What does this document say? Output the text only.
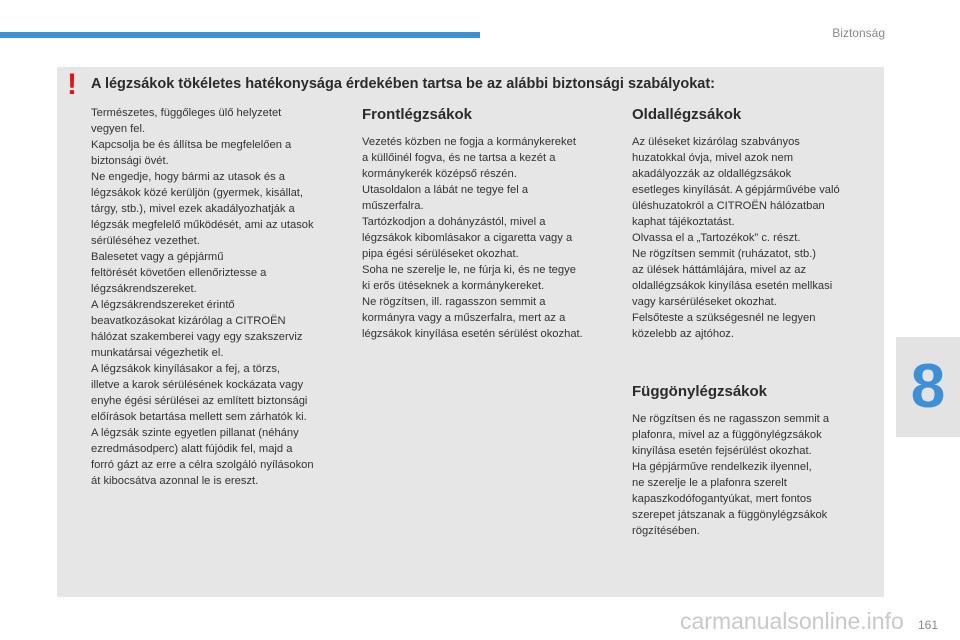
Biztonság
8
! A légzsákok tökéletes hatékonysága érdekében tartsa be az alábbi biztonsági szabályokat:

Természetes, függőleges ülő helyzetet

vegyen fel.

Kapcsolja be és állítsa be megfelelően a

biztonsági övét.

Ne engedje, hogy bármi az utasok és a

légzsákok közé kerüljön (gyermek, kisállat,

tárgy, stb.), mivel ezek akadályozhatják a

légzsák megfelelő működését, ami az utasok

sérüléséhez vezethet.

Balesetet vagy a gépjármű

feltörését követően ellenőriztesse a

légzsákrendszereket.

A légzsákrendszereket érintő

beavatkozásokat kizárólag a CITROËN

hálózat szakemberei vagy egy szakszerviz

munkatársai végezhetik el.

A légzsákok kinyílásakor a fej, a törzs,

illetve a karok sérülésének kockázata vagy

enyhe égési sérülései az említett biztonsági

előírások betartása mellett sem zárhatók ki.

A légzsák szinte egyetlen pillanat (néhány

ezredmásodperc) alatt fújódik fel, majd a

forró gázt az erre a célra szolgáló nyílásokon

át kibocsátva azonnal le is ereszt.

Frontlégzsákok

Vezetés közben ne fogja a kormánykereket

a küllőinél fogva, és ne tartsa a kezét a

kormánykerék középső részén.

Utasoldalon a lábát ne tegye fel a

műszerfalra.

Tartózkodjon a dohányzástól, mivel a

légzsákok kibomlásakor a cigaretta vagy a

pipa égési sérüléseket okozhat.

Soha ne szerelje le, ne fúrja ki, és ne tegye

ki erős ütéseknek a kormánykereket.

Ne rögzítsen, ill. ragasszon semmit a

kormányra vagy a műszerfalra, mert az a

légzsákok kinyílása esetén sérülést okozhat.

Oldallégzsákok

Az üléseket kizárólag szabványos

huzatokkal óvja, mivel azok nem

akadályozzák az oldallégzsákok

esetleges kinyílását. A gépjárművébe való

üléshuzatokról a CITROËN hálózatban

kaphat tájékoztatást.

Olvassa el a „Tartozékok” c. részt.

Ne rögzítsen semmit (ruházatot, stb.)

az ülések háttámlájára, mivel az az

oldallégzsákok kinyílása esetén mellkasi

vagy karsérüléseket okozhat.

Felsőteste a szükségesnél ne legyen

közelebb az ajtóhoz.

Függönylégzsákok

Ne rögzítsen és ne ragasszon semmit a

plafonra, mivel az a függönylégzsákok

kinyílása esetén fejsérülést okozhat.

Ha gépjárműve rendelkezik ilyennel,

ne szerelje le a plafonra szerelt

kapaszkodófogantyúkat, mert fontos

szerepet játszanak a függönylégzsákok

rögzítésében.

161
carmanualsonline.info
